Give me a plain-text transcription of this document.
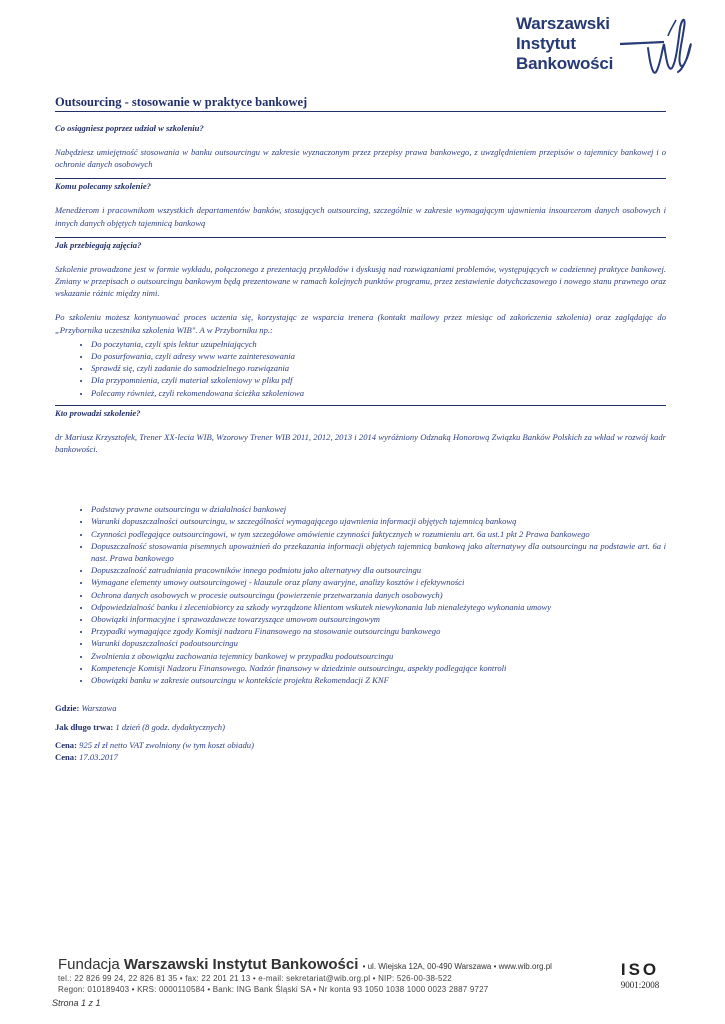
Warszawski
Instytut
Bankowości
Outsourcing - stosowanie w praktyce bankowej

Co osiągniesz poprzez udział w szkoleniu?

Nabędziesz umiejętność stosowania w banku outsourcingu w zakresie wyznaczonym przez przepisy prawa bankowego, z uwzględnieniem przepisów o tajemnicy bankowej i o ochronie danych osobowych

Komu polecamy szkolenie?

Menedżerom i pracownikom wszystkich departamentów banków, stosujących outsourcing, szczególnie w zakresie wymagającym ujawnienia insourcerom danych osobowych i innych danych objętych tajemnicą bankową

Jak przebiegają zajęcia?

Szkolenie prowadzone jest w formie wykładu, połączonego z prezentacją przykładów i dyskusją nad rozwiązaniami problemów, występujących w codziennej praktyce bankowej. Zmiany w przepisach o outsourcingu bankowym będą prezentowane w ramach kolejnych punktów programu, przez zestawienie dotychczasowego i nowego stanu prawnego oraz wskazanie różnic między nimi.

Po szkoleniu możesz kontynuować proces uczenia się, korzystając ze wsparcia trenera (kontakt mailowy przez miesiąc od zakończenia szkolenia) oraz zaglądając do „Przybornika uczestnika szkolenia WIB". A w Przyborniku np.:

• Do poczytania, czyli spis lektur uzupełniających
• Do posurfowania, czyli adresy www warte zainteresowania
• Sprawdź się, czyli zadanie do samodzielnego rozwiązania
• Dla przypomnienia, czyli materiał szkoleniowy w pliku pdf
• Polecamy również, czyli rekomendowana ścieżka szkoleniowa

Kto prowadzi szkolenie?

dr Mariusz Krzysztofek, Trener XX-lecia WIB, Wzorowy Trener WIB 2011, 2012, 2013 i 2014 wyróżniony Odznaką Honorową Związku Banków Polskich za wkład w rozwój kadr bankowości.

• Podstawy prawne outsourcingu w działalności bankowej
• Warunki dopuszczalności outsourcingu, w szczególności wymagającego ujawnienia informacji objętych tajemnicą bankową
• Czynności podlegające outsourcingowi, w tym szczegółowe omówienie czynności faktycznych w rozumieniu art. 6a ust.1 pkt 2 Prawa bankowego
• Dopuszczalność stosowania pisemnych upoważnień do przekazania informacji objętych tajemnicą bankową jako alternatywy dla outsourcingu na podstawie art. 6a i nast. Prawa bankowego
• Dopuszczalność zatrudniania pracowników innego podmiotu jako alternatywy dla outsourcingu
• Wymagane elementy umowy outsourcingowej - klauzule oraz plany awaryjne, analizy kosztów i efektywności
• Ochrona danych osobowych w procesie outsourcingu (powierzenie przetwarzania danych osobowych)
• Odpowiedzialność banku i zleceniobiorcy za szkody wyrządzone klientom wskutek niewykonania lub nienależytego wykonania umowy
• Obowiązki informacyjne i sprawozdawcze towarzyszące umowom outsourcingowym
• Przypadki wymagające zgody Komisji nadzoru Finansowego na stosowanie outsourcingu bankowego
• Warunki dopuszczalności podoutsourcingu
• Zwolnienia z obowiązku zachowania tejemnicy bankowej w przypadku podoutsourcingu
• Kompetencje Komisji Nadzoru Finansowego. Nadzór finansowy w dziedzinie outsourcingu, aspekty podlegające kontroli
• Obowiązki banku w zakresie outsourcingu w kontekście projektu Rekomendacji Z KNF

Gdzie: Warszawa

Jak długo trwa: 1 dzień (8 godz. dydaktycznych)

Cena: 925 zł zł netto VAT zwolniony (w tym koszt obiadu)

Cena: 17.03.2017

Fundacja Warszawski Instytut Bankowości • ul. Wiejska 12A, 00-490 Warszawa • www.wib.org.pl
tel.: 22 826 99 24, 22 826 81 35 • fax: 22 201 21 13 • e-mail: sekretariat@wib.org.pl • NIP: 526-00-38-522
Regon: 010189403 • KRS: 0000110584 • Bank: ING Bank Śląski SA • Nr konta 93 1050 1038 1000 0023 2887 9727
ISO
9001:2008
Strona 1 z 1
